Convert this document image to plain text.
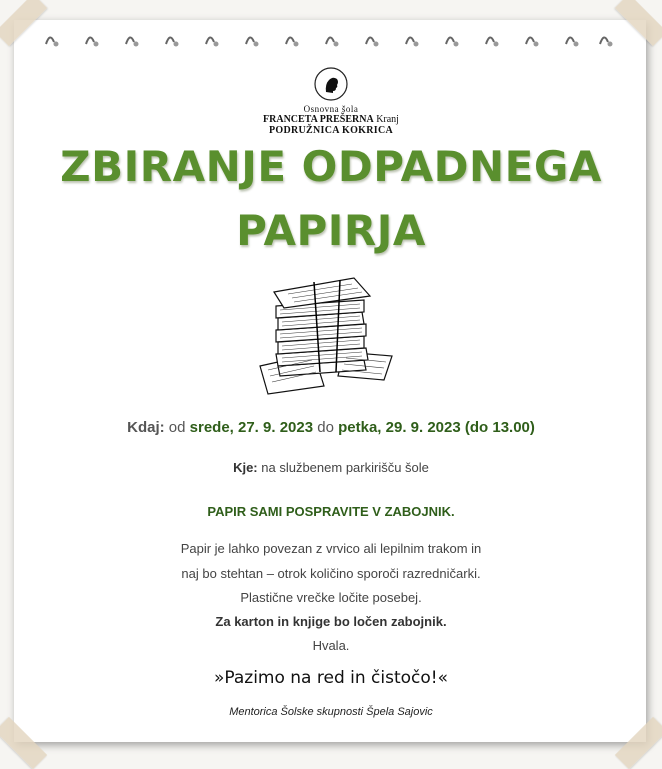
Osnovna šola
FRANCETA PREŠERNA Kranj
PODRUŽNICA KOKRICA
ZBIRANJE ODPADNEGA
PAPIRJA
Kdaj: od srede, 27. 9. 2023 do petka, 29. 9. 2023 (do 13.00)
Kje: na službenem parkirišču šole
PAPIR SAMI POSPRAVITE V ZABOJNIK.
Papir je lahko povezan z vrvico ali lepilnim trakom in
naj bo stehtan – otrok količino sporoči razredničarki.
Plastične vrečke ločite posebej.
Za karton in knjige bo ločen zabojnik.
Hvala.
»Pazimo na red in čistočo!«
Mentorica Šolske skupnosti Špela Sajovic
